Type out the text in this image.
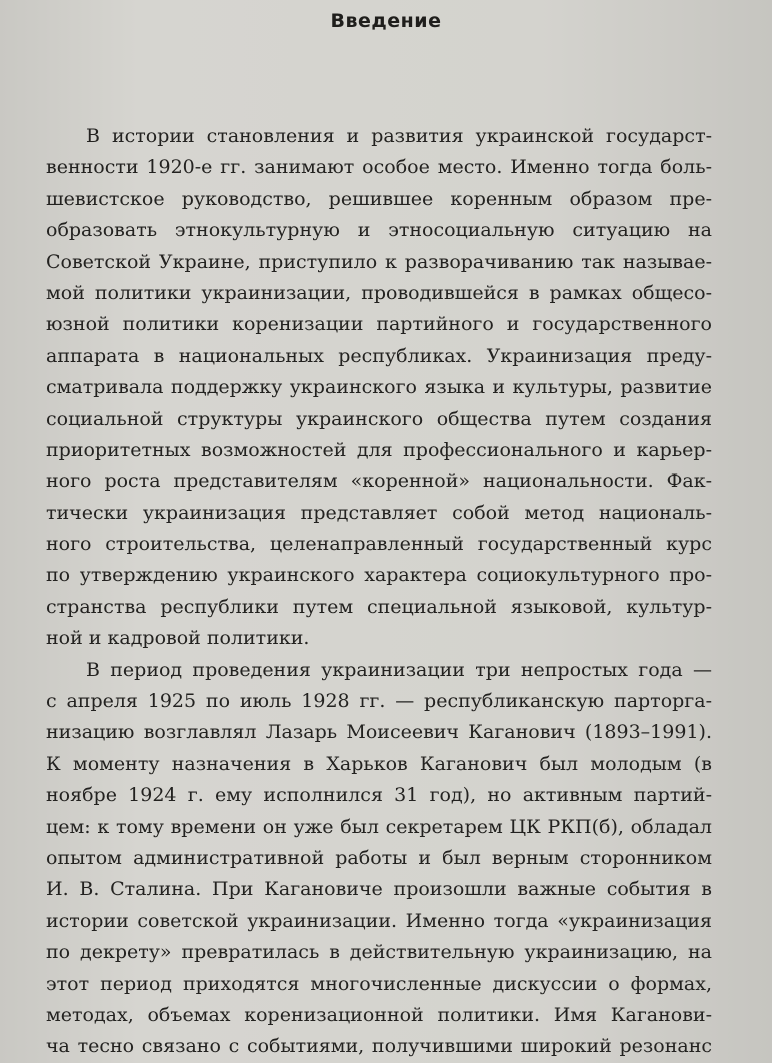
Введение
В истории становления и развития украинской государст-
венности 1920-е гг. занимают особое место. Именно тогда боль-
шевистское руководство, решившее коренным образом пре-
образовать этнокультурную и этносоциальную ситуацию на
Советской Украине, приступило к разворачиванию так называе-
мой политики украинизации, проводившейся в рамках общесо-
юзной политики коренизации партийного и государственного
аппарата в национальных республиках. Украинизация преду-
сматривала поддержку украинского языка и культуры, развитие
социальной структуры украинского общества путем создания
приоритетных возможностей для профессионального и карьер-
ного роста представителям «коренной» национальности. Фак-
тически украинизация представляет собой метод националь-
ного строительства, целенаправленный государственный курс
по утверждению украинского характера социокультурного про-
странства республики путем специальной языковой, культур-
ной и кадровой политики.
В период проведения украинизации три непростых года —
с апреля 1925 по июль 1928 гг. — республиканскую парторга-
низацию возглавлял Лазарь Моисеевич Каганович (1893–1991).
К моменту назначения в Харьков Каганович был молодым (в
ноябре 1924 г. ему исполнился 31 год), но активным партий-
цем: к тому времени он уже был секретарем ЦК РКП(б), обладал
опытом административной работы и был верным сторонником
И. В. Сталина. При Кагановиче произошли важные события в
истории советской украинизации. Именно тогда «украинизация
по декрету» превратилась в действительную украинизацию, на
этот период приходятся многочисленные дискуссии о формах,
методах, объемах коренизационной политики. Имя Каганови-
ча тесно связано с событиями, получившими широкий резонанс
